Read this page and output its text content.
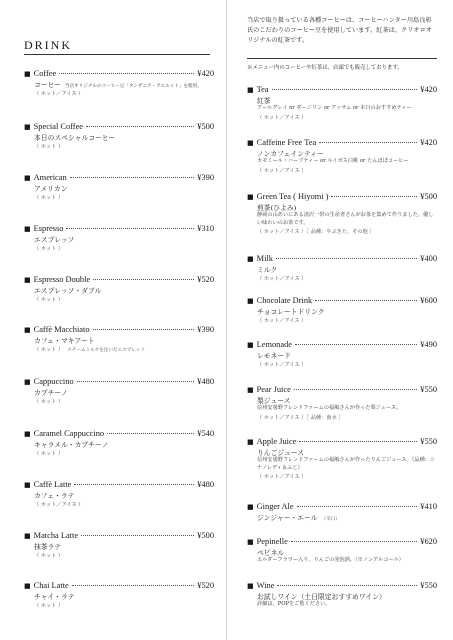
DRINK
当店で取り扱っている各種コーヒーは、コーヒーハンター川島良彰氏のこだわりのコーヒー豆を使用しています。紅茶は、クリオロオリジナルの紅茶です。
※メニュー内のコーヒーや紅茶は、店頭でも販売しております。
■ Coffee	¥420
コーヒー 当店オリジナルのコーヒー豆「タンザニア・アエエット」を使用。
（ ホット／アイス ）
■ Special Coffee	¥500
本日のスペシャルコーヒー
（ ホット ）
■ American	¥390
アメリカン
（ ホット ）
■ Espresso	¥310
エスプレッソ
（ ホット ）
■ Espresso Double	¥520
エスプレッソ・ダブル
（ ホット ）
■ Caffè Macchiato	¥390
カフェ・マキアート
（ ホット ） スチームミルクを注いだエスプレッソ
■ Cappuccino	¥480
カプチーノ
（ ホット ）
■ Caramel Cappuccino	¥540
キャラメル・カプチーノ
（ ホット ）
■ Caffè Latte	¥480
カフェ・ラテ
（ ホット／アイス ）
■ Matcha Latte	¥500
抹茶ラテ
（ ホット ）
■ Chai Latte	¥520
チャイ・ラテ
（ ホット ）
■ Tea	¥420
紅茶
アールグレイ or ダージリン or アッサム or 本日のおすすめティー
（ ホット／アイス ）
■ Caffeine Free Tea	¥420
ノンカフェインティー
カモミール・ハーブティー or ルイボス白桃 or たんぽぽコーヒー
（ ホット／アイス ）
■ Green Tea ( Hiyomi )	¥500
煎茶(ひよみ)
静岡の山あいにある清沢一帯の生産者さんがお茶を集めて作りました。優しい味わいのお茶です。
（ ホット／アイス ）［ 品種：やぶきた、その他 ］
■ Milk	¥400
ミルク
（ ホット／アイス ）
■ Chocolate Drink	¥600
チョコレートドリンク
（ ホット／アイス ）
■ Lemonade	¥490
レモネード
（ ホット／アイス ）
■ Pear Juice	¥550
梨ジュース
信州安曇野フレンドファームの福嶋さんが作った梨ジュース。
（ ホット／アイス ）［ 品種：南水 ］
■ Apple Juice	¥550
りんごジュース
信州安曇野フレンドファームの福嶋さんが作ったりんごジュース。（品種：シナノレディ＆ふじ）
（ ホット／アイス ）
■ Ginger Ale	¥410
ジンジャー・エール （辛口）
■ Pepinelle	¥620
ペピネル
エルダーフラワー入り、りんごの発泡酒。（※ノンアルコール）
■ Wine	¥550
お試しワイン（土日限定おすすめワイン）
詳細は、POPをご覧ください。
